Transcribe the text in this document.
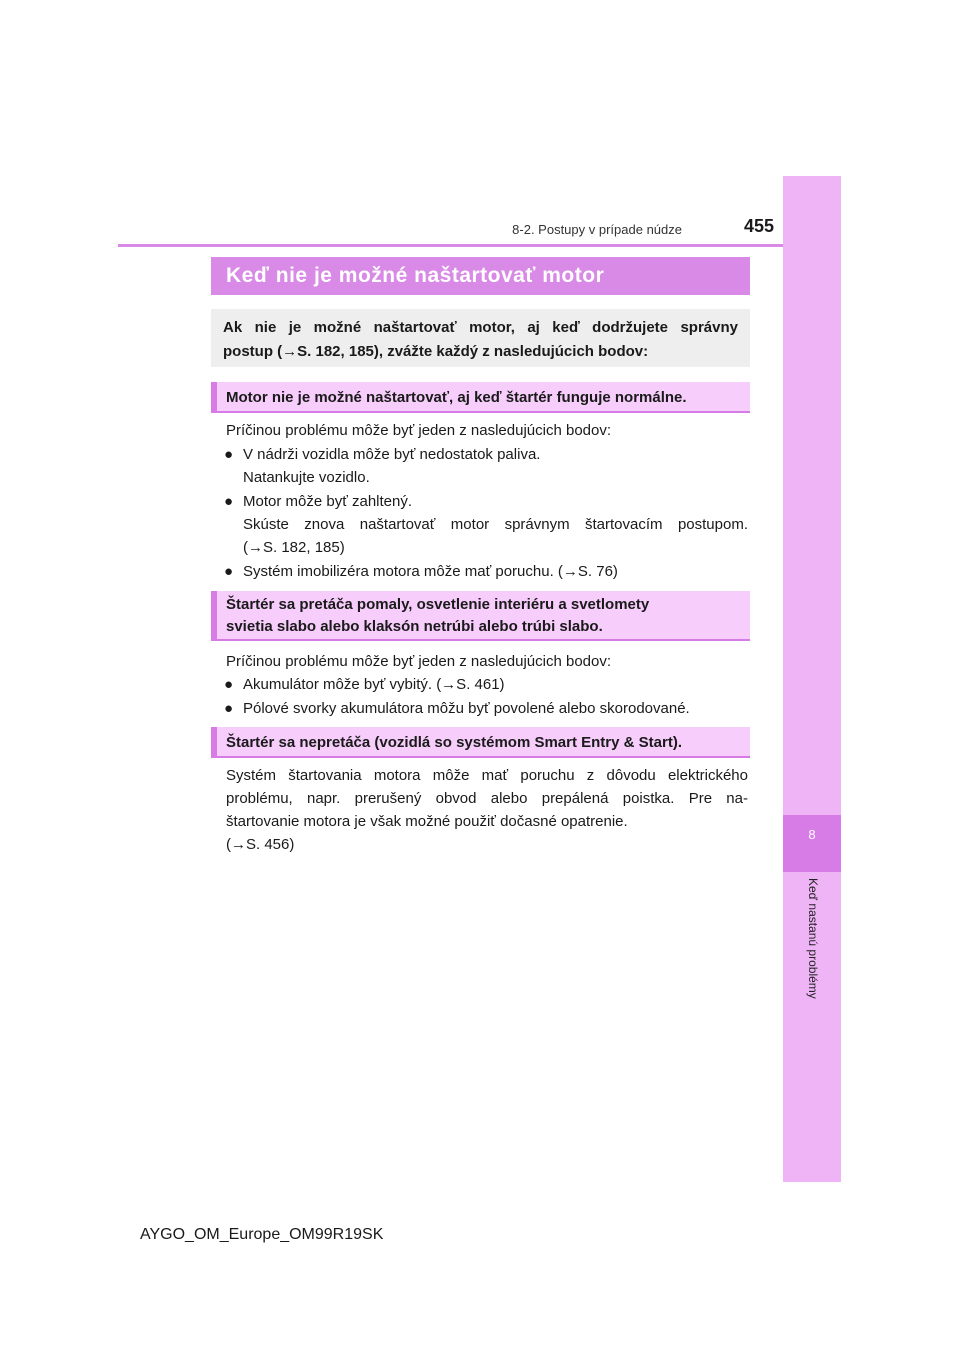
8
Keď nastanú problémy
8-2. Postupy v prípade núdze	455
Keď nie je možné naštartovať motor
Ak nie je možné naštartovať motor, aj keď dodržujete správny
postup (→S. 182, 185), zvážte každý z nasledujúcich bodov:
Motor nie je možné naštartovať, aj keď štartér funguje normálne.
Príčinou problému môže byť jeden z nasledujúcich bodov:
● V nádrži vozidla môže byť nedostatok paliva.
Natankujte vozidlo.
● Motor môže byť zahltený.
Skúste znova naštartovať motor správnym štartovacím postupom.
(→S. 182, 185)
● Systém imobilizéra motora môže mať poruchu. (→S. 76)
Štartér sa pretáča pomaly, osvetlenie interiéru a svetlomety
svietia slabo alebo klaksón netrúbi alebo trúbi slabo.
Príčinou problému môže byť jeden z nasledujúcich bodov:
● Akumulátor môže byť vybitý. (→S. 461)
● Pólové svorky akumulátora môžu byť povolené alebo skorodované.
Štartér sa nepretáča (vozidlá so systémom Smart Entry & Start).
Systém štartovania motora môže mať poruchu z dôvodu elektrického
problému, napr. prerušený obvod alebo prepálená poistka. Pre na-
štartovanie motora je však možné použiť dočasné opatrenie.
(→S. 456)
AYGO_OM_Europe_OM99R19SK
